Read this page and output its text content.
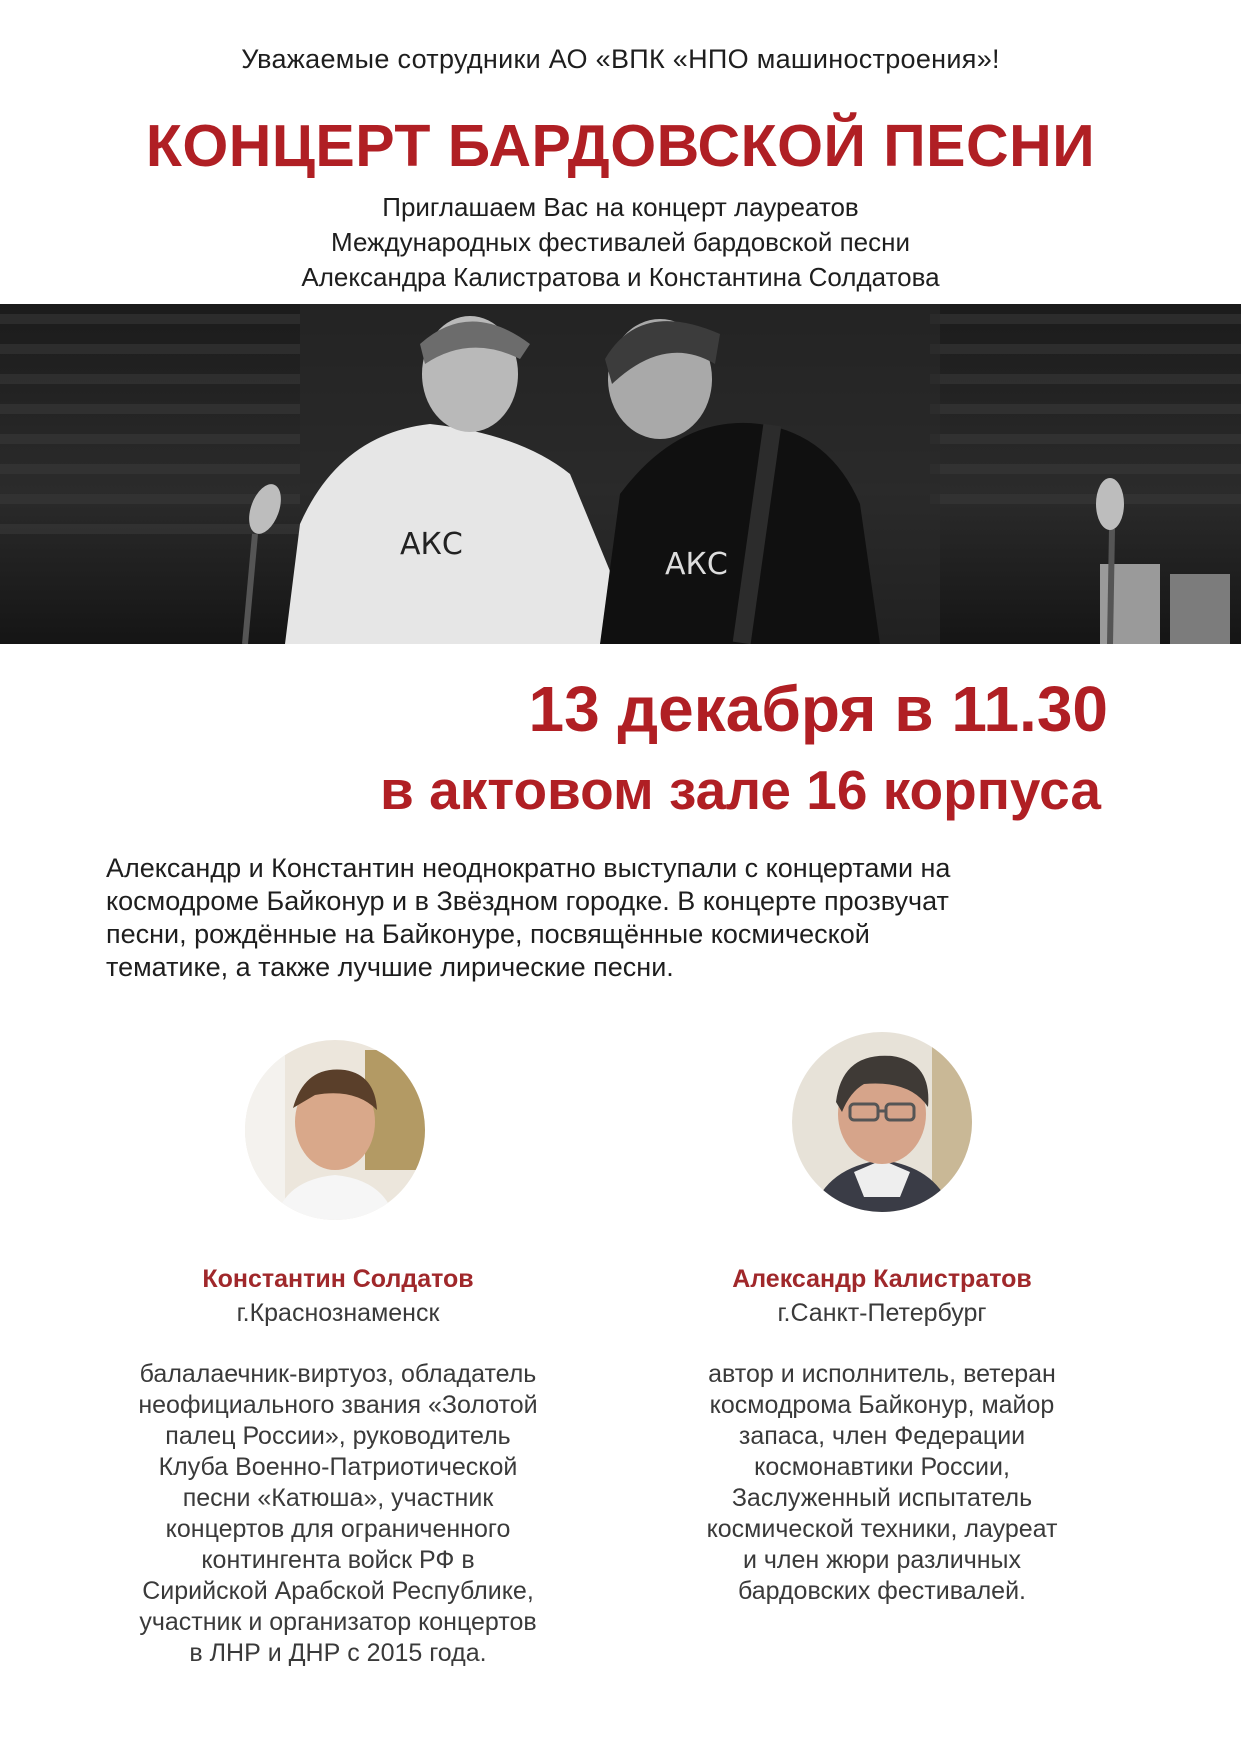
Уважаемые сотрудники АО «ВПК «НПО машиностроения»!
КОНЦЕРТ БАРДОВСКОЙ ПЕСНИ
Приглашаем Вас на концерт лауреатов
Международных фестивалей бардовской песни
Александра Калистратова и Константина Солдатова
АКС
АКС
13 декабря в 11.30
в актовом зале 16 корпуса
Александр и Константин неоднократно выступали с концертами на
космодроме Байконур и в Звёздном городке. В концерте прозвучат
песни, рождённые на Байконуре, посвящённые космической
тематике, а также лучшие лирические песни.
Константин Солдатов
г.Краснознаменск
балалаечник-виртуоз, обладатель
неофициального звания «Золотой
палец России», руководитель
Клуба Военно-Патриотической
песни «Катюша», участник
концертов для ограниченного
контингента войск РФ в
Сирийской Арабской Республике,
участник и организатор концертов
в ЛНР и ДНР с 2015 года.
Александр Калистратов
г.Санкт-Петербург
автор и исполнитель, ветеран
космодрома Байконур, майор
запаса, член Федерации
космонавтики России,
Заслуженный испытатель
космической техники, лауреат
и член жюри различных
бардовских фестивалей.
